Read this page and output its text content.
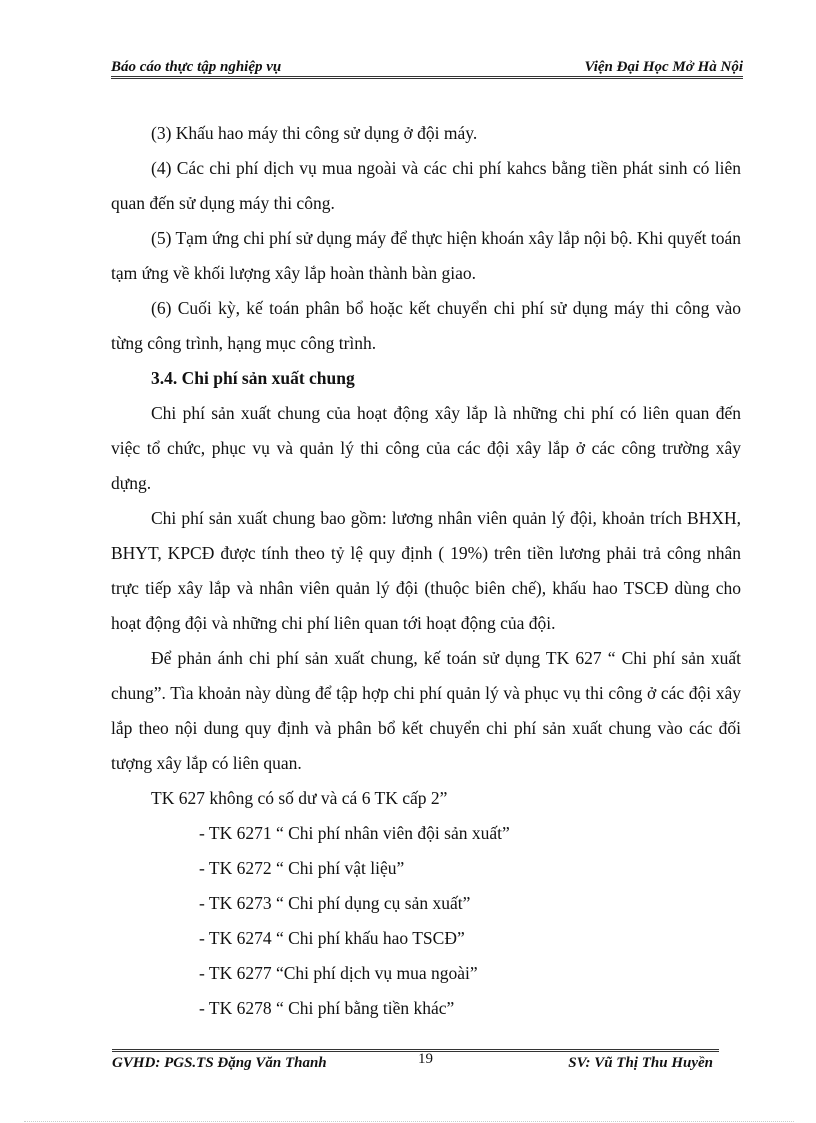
Báo cáo thực tập nghiệp vụ	Viện Đại Học Mở Hà Nội

(3) Khấu hao máy thi công sử dụng ở đội máy.

(4) Các chi phí dịch vụ mua ngoài và các chi phí kahcs bằng tiền phát sinh có liên quan đến sử dụng máy thi công.

(5) Tạm ứng chi phí sử dụng máy để thực hiện khoán xây lắp nội bộ. Khi quyết toán tạm ứng về khối lượng xây lắp hoàn thành bàn giao.

(6) Cuối kỳ, kế toán phân bổ hoặc kết chuyển chi phí sử dụng máy thi công vào từng công trình, hạng mục công trình.

3.4. Chi phí sản xuất chung

Chi phí sản xuất chung của hoạt động xây lắp là những chi phí có liên quan đến việc tổ chức, phục vụ và quản lý thi công của các đội xây lắp ở các công trường xây dựng.

Chi phí sản xuất chung bao gồm: lương nhân viên quản lý đội, khoản trích BHXH, BHYT, KPCĐ được tính theo tỷ lệ quy định ( 19%) trên tiền lương phải trả công nhân trực tiếp xây lắp và nhân viên quản lý đội (thuộc biên chế), khấu hao TSCĐ dùng cho hoạt động đội và những chi phí liên quan tới hoạt động của đội.

Để phản ánh chi phí sản xuất chung, kế toán sử dụng TK 627 “ Chi phí sản xuất chung”. Tìa khoản này dùng để tập hợp chi phí quản lý và phục vụ thi công ở các đội xây lắp theo nội dung quy định và phân bổ kết chuyển chi phí sản xuất chung vào các đối tượng xây lắp có liên quan.

TK 627 không có số dư và cá 6 TK cấp 2”

- TK 6271 “ Chi phí nhân viên đội sản xuất”

- TK 6272 “ Chi phí vật liệu”

- TK 6273 “ Chi phí dụng cụ sản xuất”

- TK 6274 “ Chi phí khấu hao TSCĐ”

- TK 6277 “Chi phí dịch vụ mua ngoài”

- TK 6278 “ Chi phí bằng tiền khác”

GVHD: PGS.TS Đặng Văn Thanh	19	SV: Vũ Thị Thu Huyền
